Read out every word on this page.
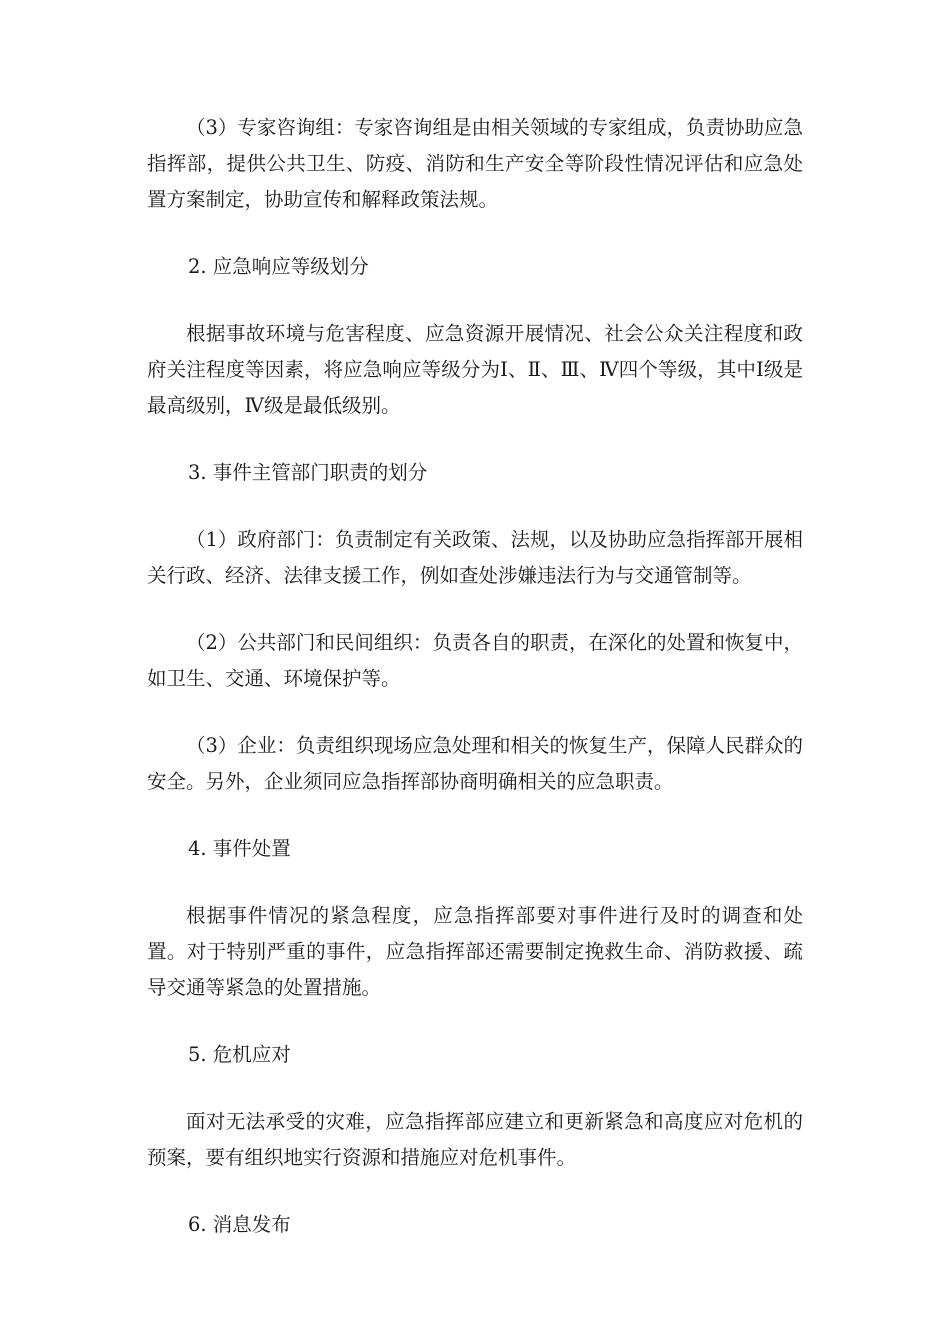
（3）专家咨询组：专家咨询组是由相关领域的专家组成，负责协助应急指挥部，提供公共卫生、防疫、消防和生产安全等阶段性情况评估和应急处置方案制定，协助宣传和解释政策法规。

2. 应急响应等级划分

根据事故环境与危害程度、应急资源开展情况、社会公众关注程度和政府关注程度等因素，将应急响应等级分为Ⅰ、Ⅱ、Ⅲ、Ⅳ四个等级，其中Ⅰ级是最高级别，Ⅳ级是最低级别。

3. 事件主管部门职责的划分

（1）政府部门：负责制定有关政策、法规，以及协助应急指挥部开展相关行政、经济、法律支援工作，例如查处涉嫌违法行为与交通管制等。

（2）公共部门和民间组织：负责各自的职责，在深化的处置和恢复中，如卫生、交通、环境保护等。

（3）企业：负责组织现场应急处理和相关的恢复生产，保障人民群众的安全。另外，企业须同应急指挥部协商明确相关的应急职责。

4. 事件处置

根据事件情况的紧急程度，应急指挥部要对事件进行及时的调查和处置。对于特别严重的事件，应急指挥部还需要制定挽救生命、消防救援、疏导交通等紧急的处置措施。

5. 危机应对

面对无法承受的灾难，应急指挥部应建立和更新紧急和高度应对危机的预案，要有组织地实行资源和措施应对危机事件。

6. 消息发布
